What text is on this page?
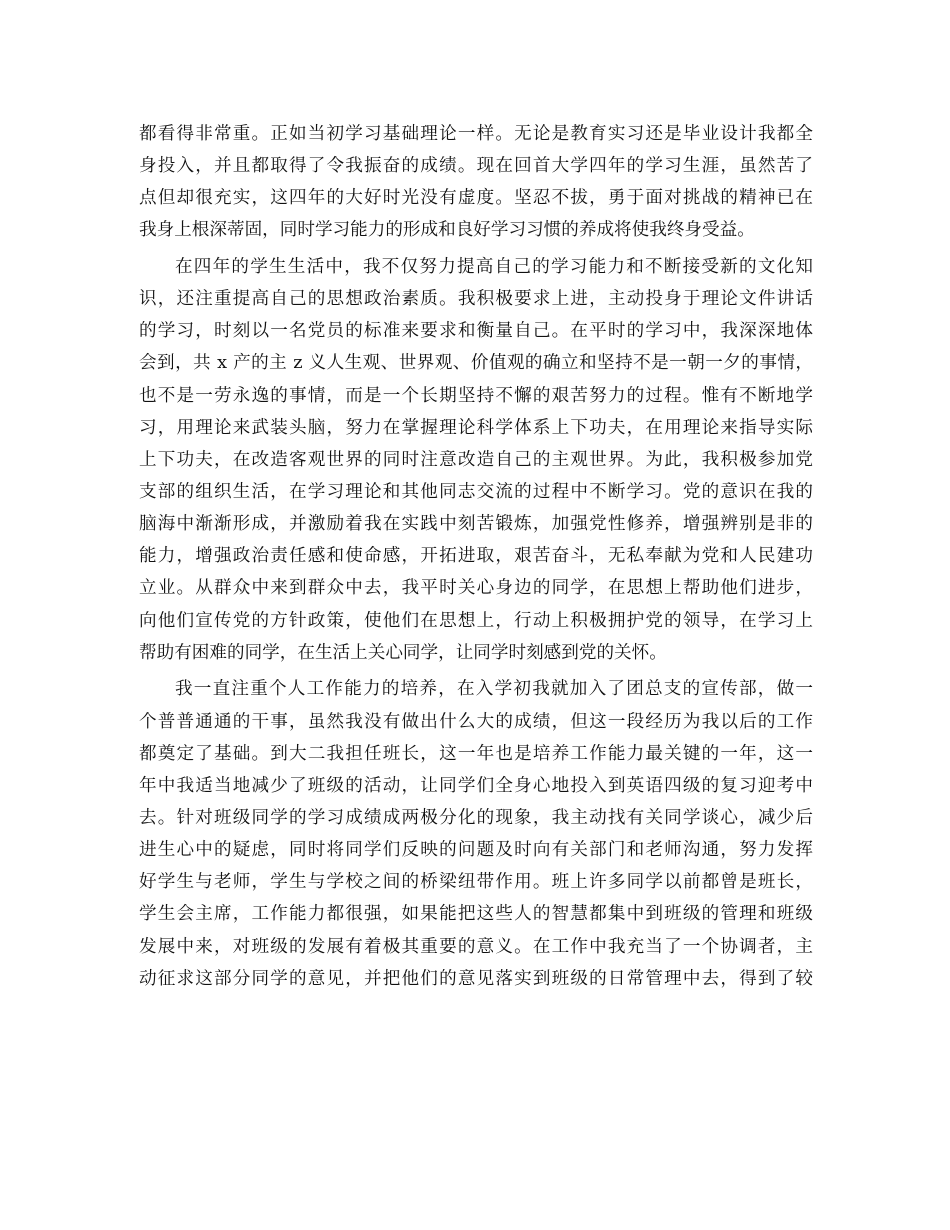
都看得非常重。正如当初学习基础理论一样。无论是教育实习还是毕业设计我都全
身投入，并且都取得了令我振奋的成绩。现在回首大学四年的学习生涯，虽然苦了
点但却很充实，这四年的大好时光没有虚度。坚忍不拔，勇于面对挑战的精神已在
我身上根深蒂固，同时学习能力的形成和良好学习习惯的养成将使我终身受益。
在四年的学生生活中，我不仅努力提高自己的学习能力和不断接受新的文化知
识，还注重提高自己的思想政治素质。我积极要求上进，主动投身于理论文件讲话
的学习，时刻以一名党员的标准来要求和衡量自己。在平时的学习中，我深深地体
会到，共 x 产的主 z 义人生观、世界观、价值观的确立和坚持不是一朝一夕的事情，
也不是一劳永逸的事情，而是一个长期坚持不懈的艰苦努力的过程。惟有不断地学
习，用理论来武装头脑，努力在掌握理论科学体系上下功夫，在用理论来指导实际
上下功夫，在改造客观世界的同时注意改造自己的主观世界。为此，我积极参加党
支部的组织生活，在学习理论和其他同志交流的过程中不断学习。党的意识在我的
脑海中渐渐形成，并激励着我在实践中刻苦锻炼，加强党性修养，增强辨别是非的
能力，增强政治责任感和使命感，开拓进取，艰苦奋斗，无私奉献为党和人民建功
立业。从群众中来到群众中去，我平时关心身边的同学，在思想上帮助他们进步，
向他们宣传党的方针政策，使他们在思想上，行动上积极拥护党的领导，在学习上
帮助有困难的同学，在生活上关心同学，让同学时刻感到党的关怀。
我一直注重个人工作能力的培养，在入学初我就加入了团总支的宣传部，做一
个普普通通的干事，虽然我没有做出什么大的成绩，但这一段经历为我以后的工作
都奠定了基础。到大二我担任班长，这一年也是培养工作能力最关键的一年，这一
年中我适当地减少了班级的活动，让同学们全身心地投入到英语四级的复习迎考中
去。针对班级同学的学习成绩成两极分化的现象，我主动找有关同学谈心，减少后
进生心中的疑虑，同时将同学们反映的问题及时向有关部门和老师沟通，努力发挥
好学生与老师，学生与学校之间的桥梁纽带作用。班上许多同学以前都曾是班长，
学生会主席，工作能力都很强，如果能把这些人的智慧都集中到班级的管理和班级
发展中来，对班级的发展有着极其重要的意义。在工作中我充当了一个协调者，主
动征求这部分同学的意见，并把他们的意见落实到班级的日常管理中去，得到了较
